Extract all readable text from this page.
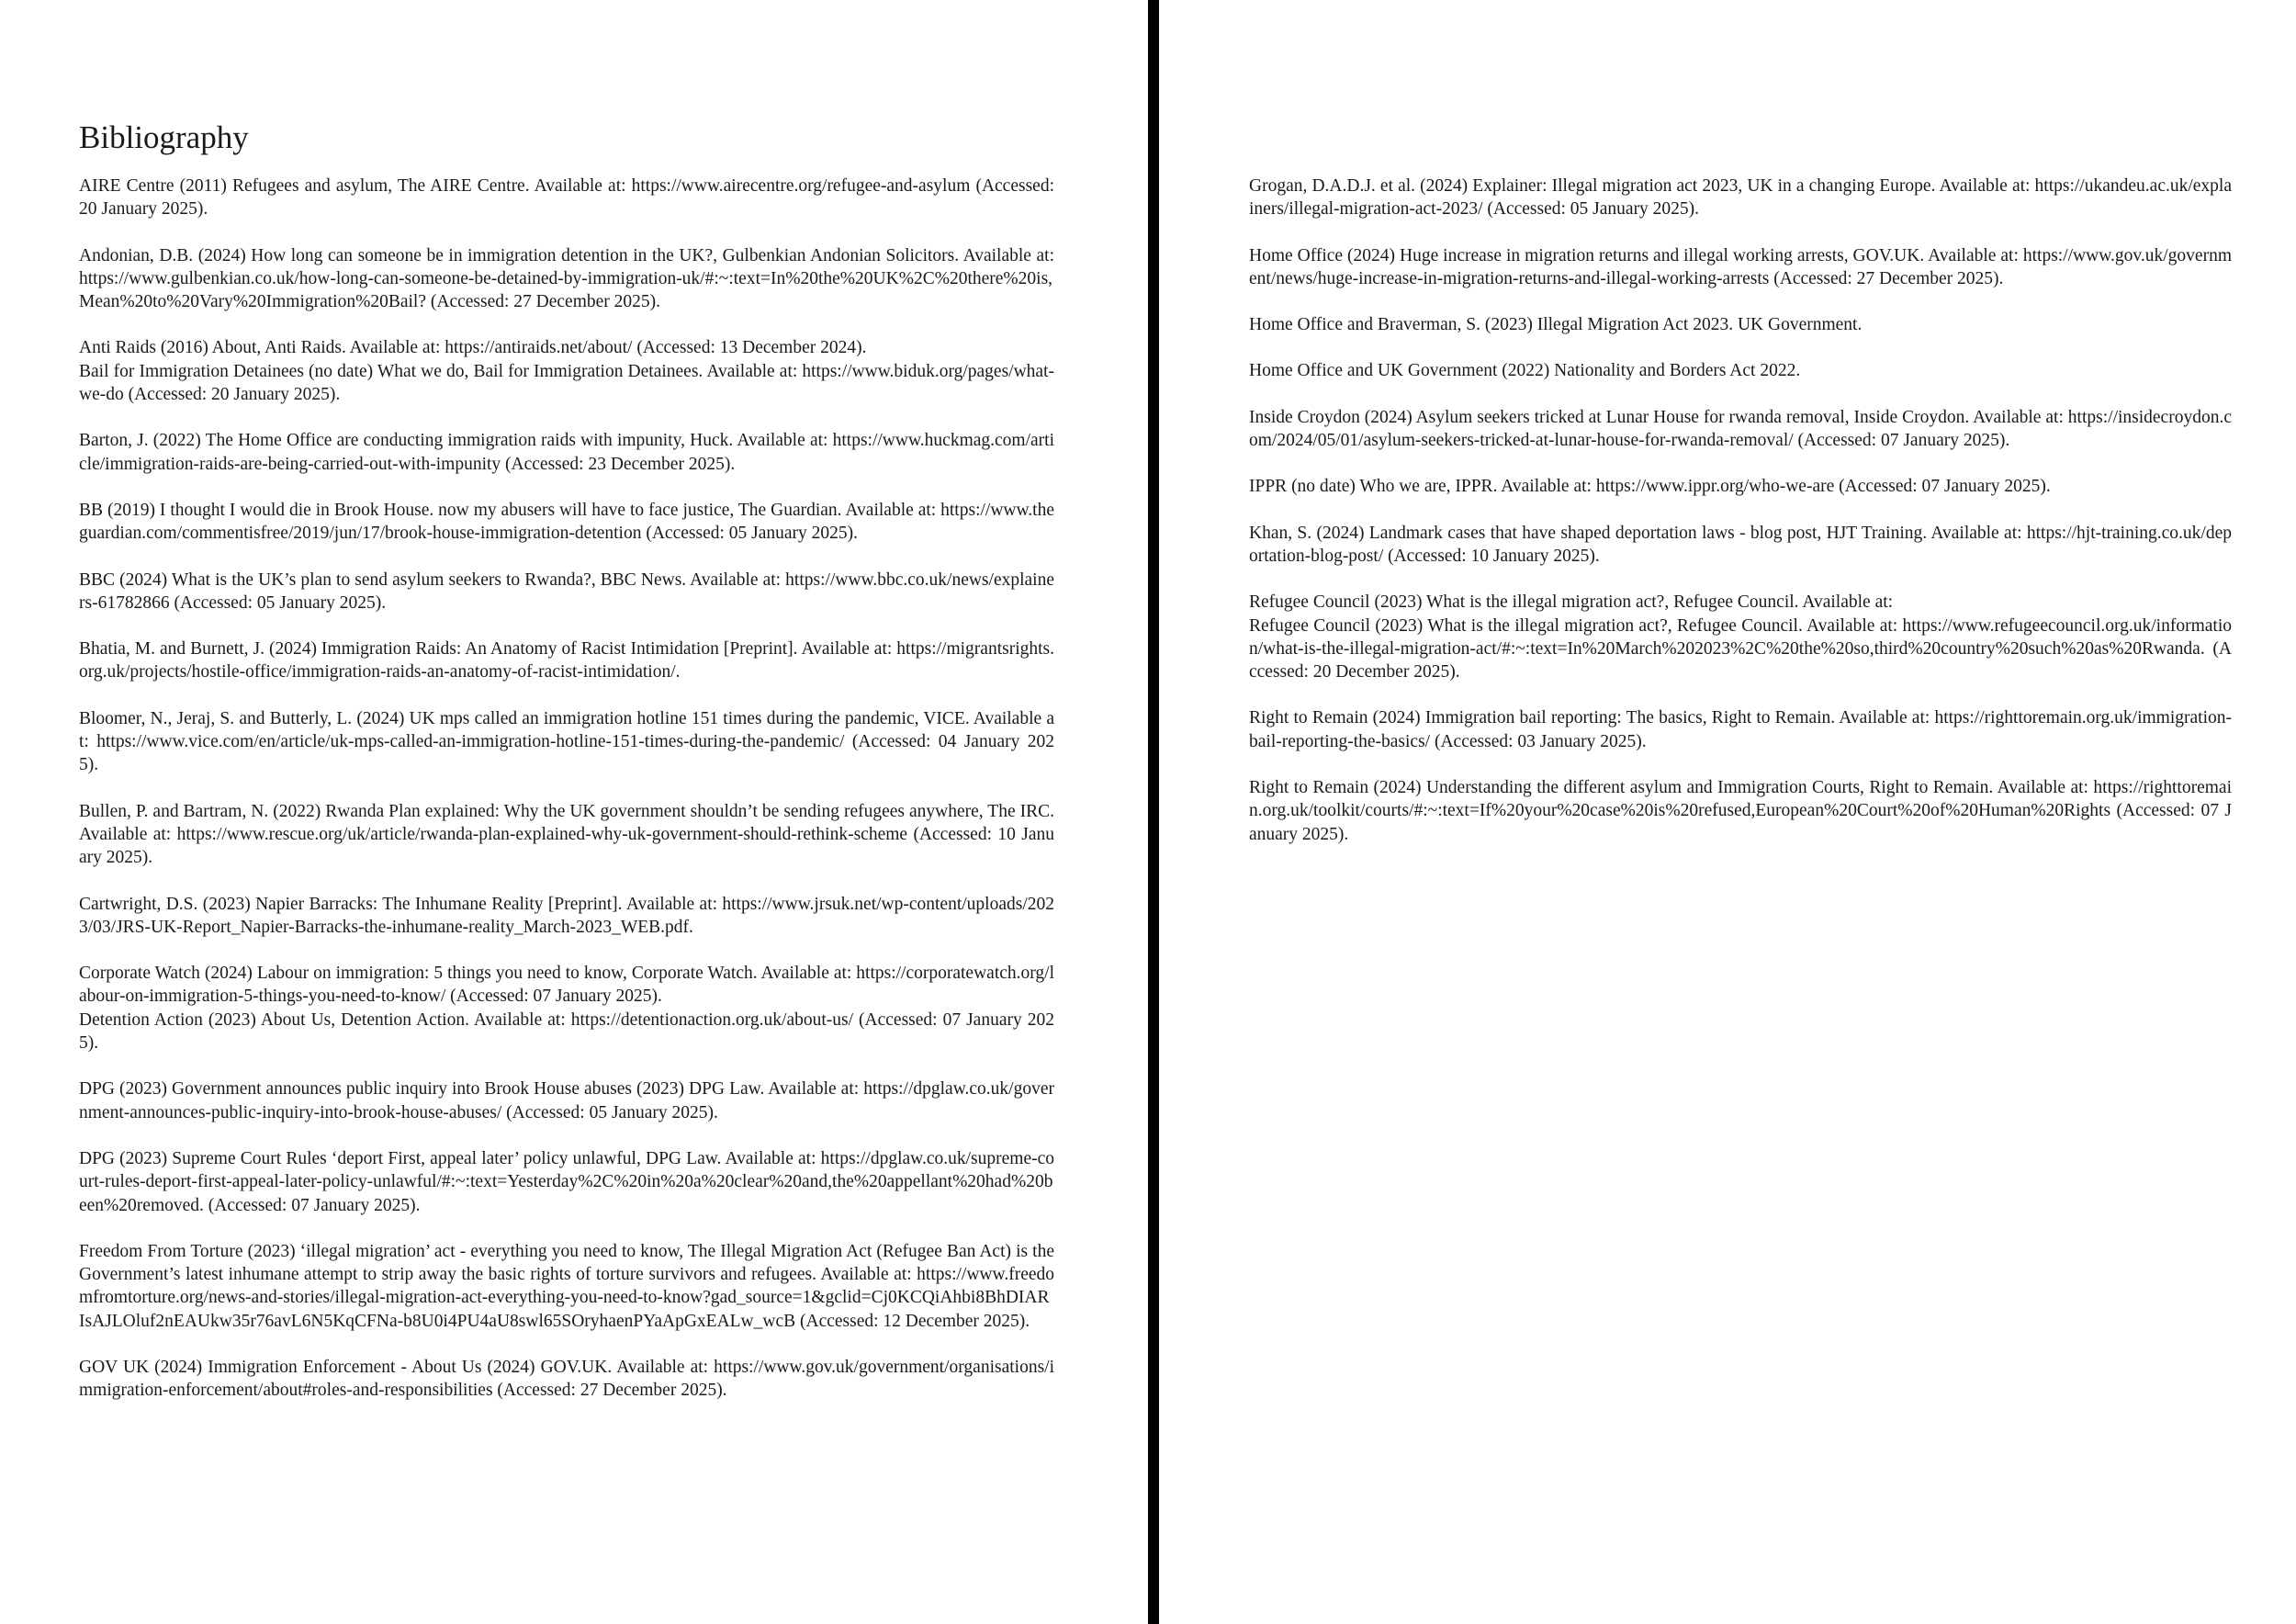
Bibliography

AIRE Centre (2011) Refugees and asylum, The AIRE Centre. Available at: https://www.airecentre.org/refugee-and-asylum (Accessed: 20 January 2025).

Andonian, D.B. (2024) How long can someone be in immigration detention in the UK?, Gulbenkian Andonian Solicitors. Available at: https://www.gulbenkian.co.uk/how-long-can-someone-be-detained-by-immigration-uk/#:~:text=In%20the%20UK%2C%20there%20is,Mean%20to%20Vary%20Immigration%20Bail? (Accessed: 27 December 2025).

Anti Raids (2016) About, Anti Raids. Available at: https://antiraids.net/about/ (Accessed: 13 December 2024).

Bail for Immigration Detainees (no date) What we do, Bail for Immigration Detainees. Available at: https://www.biduk.org/pages/what-we-do (Accessed: 20 January 2025).

Barton, J. (2022) The Home Office are conducting immigration raids with impunity, Huck. Available at: https://www.huckmag.com/article/immigration-raids-are-being-carried-out-with-impunity (Accessed: 23 December 2025).

BB (2019) I thought I would die in Brook House. now my abusers will have to face justice, The Guardian. Available at: https://www.theguardian.com/commentisfree/2019/jun/17/brook-house-immigration-detention (Accessed: 05 January 2025).

BBC (2024) What is the UK’s plan to send asylum seekers to Rwanda?, BBC News. Available at: https://www.bbc.co.uk/news/explainers-61782866 (Accessed: 05 January 2025).

Bhatia, M. and Burnett, J. (2024) Immigration Raids: An Anatomy of Racist Intimidation [Preprint]. Available at: https://migrantsrights.org.uk/projects/hostile-office/immigration-raids-an-anatomy-of-racist-intimidation/.

Bloomer, N., Jeraj, S. and Butterly, L. (2024) UK mps called an immigration hotline 151 times during the pandemic, VICE. Available at: https://www.vice.com/en/article/uk-mps-called-an-immigration-hotline-151-times-during-the-pandemic/ (Accessed: 04 January 2025).

Bullen, P. and Bartram, N. (2022) Rwanda Plan explained: Why the UK government shouldn’t be sending refugees anywhere, The IRC. Available at: https://www.rescue.org/uk/article/rwanda-plan-explained-why-uk-government-should-rethink-scheme (Accessed: 10 January 2025).

Cartwright, D.S. (2023) Napier Barracks: The Inhumane Reality [Preprint]. Available at: https://www.jrsuk.net/wp-content/uploads/2023/03/JRS-UK-Report_Napier-Barracks-the-inhumane-reality_March-2023_WEB.pdf.

Corporate Watch (2024) Labour on immigration: 5 things you need to know, Corporate Watch. Available at: https://corporatewatch.org/labour-on-immigration-5-things-you-need-to-know/ (Accessed: 07 January 2025).

Detention Action (2023) About Us, Detention Action. Available at: https://detentionaction.org.uk/about-us/ (Accessed: 07 January 2025).

DPG (2023) Government announces public inquiry into Brook House abuses (2023) DPG Law. Available at: https://dpglaw.co.uk/government-announces-public-inquiry-into-brook-house-abuses/ (Accessed: 05 January 2025).

DPG (2023) Supreme Court Rules ‘deport First, appeal later’ policy unlawful, DPG Law. Available at: https://dpglaw.co.uk/supreme-court-rules-deport-first-appeal-later-policy-unlawful/#:~:text=Yesterday%2C%20in%20a%20clear%20and,the%20appellant%20had%20been%20removed. (Accessed: 07 January 2025).

Freedom From Torture (2023) ‘illegal migration’ act - everything you need to know, The Illegal Migration Act (Refugee Ban Act) is the Government’s latest inhumane attempt to strip away the basic rights of torture survivors and refugees. Available at: https://www.freedomfromtorture.org/news-and-stories/illegal-migration-act-everything-you-need-to-know?gad_source=1&gclid=Cj0KCQiAhbi8BhDIARIsAJLOluf2nEAUkw35r76avL6N5KqCFNa-b8U0i4PU4aU8swl65SOryhaenPYaApGxEALw_wcB (Accessed: 12 December 2025).

GOV UK (2024) Immigration Enforcement - About Us (2024) GOV.UK. Available at: https://www.gov.uk/government/organisations/immigration-enforcement/about#roles-and-responsibilities (Accessed: 27 December 2025).

Grogan, D.A.D.J. et al. (2024) Explainer: Illegal migration act 2023, UK in a changing Europe. Available at: https://ukandeu.ac.uk/explainers/illegal-migration-act-2023/ (Accessed: 05 January 2025).

Home Office (2024) Huge increase in migration returns and illegal working arrests, GOV.UK. Available at: https://www.gov.uk/government/news/huge-increase-in-migration-returns-and-illegal-working-arrests (Accessed: 27 December 2025).

Home Office and Braverman, S. (2023) Illegal Migration Act 2023. UK Government.

Home Office and UK Government (2022) Nationality and Borders Act 2022.

Inside Croydon (2024) Asylum seekers tricked at Lunar House for rwanda removal, Inside Croydon. Available at: https://insidecroydon.com/2024/05/01/asylum-seekers-tricked-at-lunar-house-for-rwanda-removal/ (Accessed: 07 January 2025).

IPPR (no date) Who we are, IPPR. Available at: https://www.ippr.org/who-we-are (Accessed: 07 January 2025).

Khan, S. (2024) Landmark cases that have shaped deportation laws - blog post, HJT Training. Available at: https://hjt-training.co.uk/deportation-blog-post/ (Accessed: 10 January 2025).

Refugee Council (2023) What is the illegal migration act?, Refugee Council. Available at:

Refugee Council (2023) What is the illegal migration act?, Refugee Council. Available at: https://www.refugeecouncil.org.uk/information/what-is-the-illegal-migration-act/#:~:text=In%20March%202023%2C%20the%20so,third%20country%20such%20as%20Rwanda. (Accessed: 20 December 2025).

Right to Remain (2024) Immigration bail reporting: The basics, Right to Remain. Available at: https://righttoremain.org.uk/immigration-bail-reporting-the-basics/ (Accessed: 03 January 2025).

Right to Remain (2024) Understanding the different asylum and Immigration Courts, Right to Remain. Available at: https://righttoremain.org.uk/toolkit/courts/#:~:text=If%20your%20case%20is%20refused,European%20Court%20of%20Human%20Rights (Accessed: 07 January 2025).
